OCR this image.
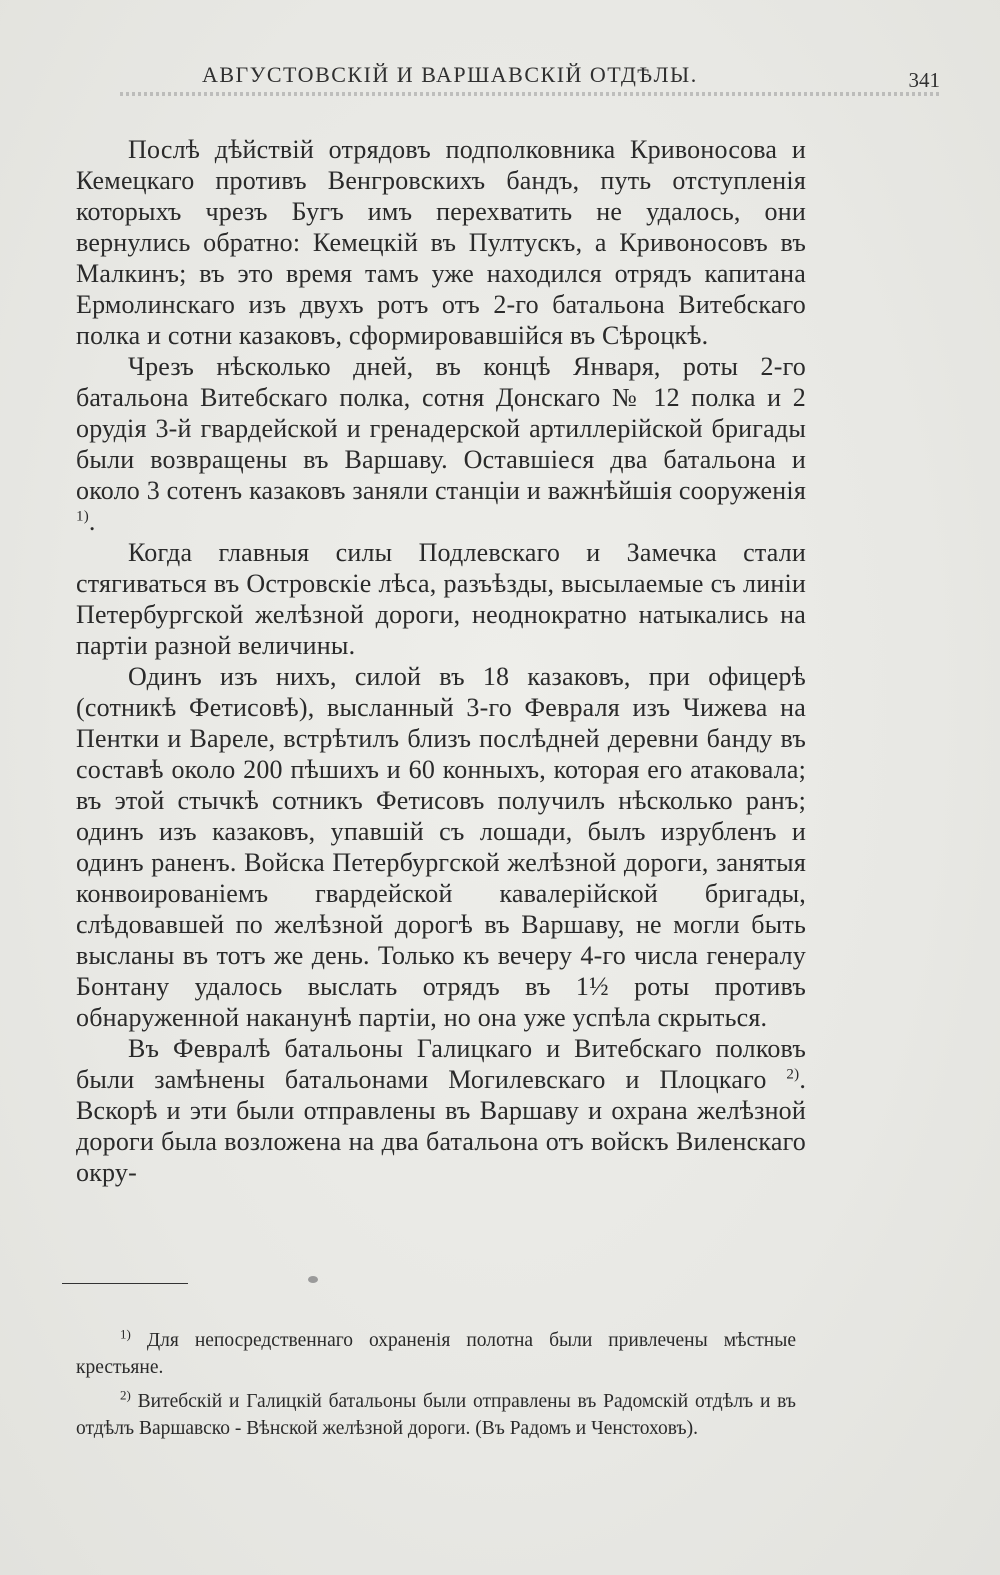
АВГУСТОВСКIЙ И ВАРШАВСКIЙ ОТДѢЛЫ.	341

Послѣ дѣйствій отрядовъ подполковника Кривоносова и Кемецкаго противъ Венгровскихъ бандъ, путь отступленія которыхъ чрезъ Бугъ имъ перехватить не удалось, они вернулись обратно: Кемецкій въ Пултускъ, а Кривоносовъ въ Малкинъ; въ это время тамъ уже находился отрядъ капитана Ермолинскаго изъ двухъ ротъ отъ 2-го батальона Витебскаго полка и сотни казаковъ, сформировавшійся въ Сѣроцкѣ.

Чрезъ нѣсколько дней, въ концѣ Января, роты 2-го батальона Витебскаго полка, сотня Донскаго № 12 полка и 2 орудія 3-й гвардейской и гренадерской артиллерійской бригады были возвращены въ Варшаву. Оставшіеся два батальона и около 3 сотенъ казаковъ заняли станціи и важнѣйшія сооруженія $^{1)}$.

Когда главныя силы Подлевскаго и Замечка стали стягиваться въ Островскіе лѣса, разъѣзды, высылаемые съ линіи Петербургской желѣзной дороги, неоднократно натыкались на партіи разной величины.

Одинъ изъ нихъ, силой въ 18 казаковъ, при офицерѣ (сотникѣ Фетисовѣ), высланный 3-го Февраля изъ Чижева на Пентки и Вареле, встрѣтилъ близъ послѣдней деревни банду въ составѣ около 200 пѣшихъ и 60 конныхъ, которая его атаковала; въ этой стычкѣ сотникъ Фетисовъ получилъ нѣсколько ранъ; одинъ изъ казаковъ, упавшій съ лошади, былъ изрубленъ и одинъ раненъ. Войска Петербургской желѣзной дороги, занятыя конвоированіемъ гвардейской кавалерійской бригады, слѣдовавшей по желѣзной дорогѣ въ Варшаву, не могли быть высланы въ тотъ же день. Только къ вечеру 4-го числа генералу Бонтану удалось выслать отрядъ въ 1½ роты противъ обнаруженной наканунѣ партіи, но она уже успѣла скрыться.

Въ Февралѣ батальоны Галицкаго и Витебскаго полковъ были замѣнены батальонами Могилевскаго и Плоцкаго $^{2)}$. Вскорѣ и эти были отправлены въ Варшаву и охрана желѣзной дороги была возложена на два батальона отъ войскъ Виленскаго окру-

$^{1)}$ Для непосредственнаго охраненія полотна были привлечены мѣстные крестьяне.

$^{2)}$ Витебскій и Галицкій батальоны были отправлены въ Радомскій отдѣлъ и въ отдѣлъ Варшавско - Вѣнской желѣзной дороги. (Въ Радомъ и Ченстоховъ).
